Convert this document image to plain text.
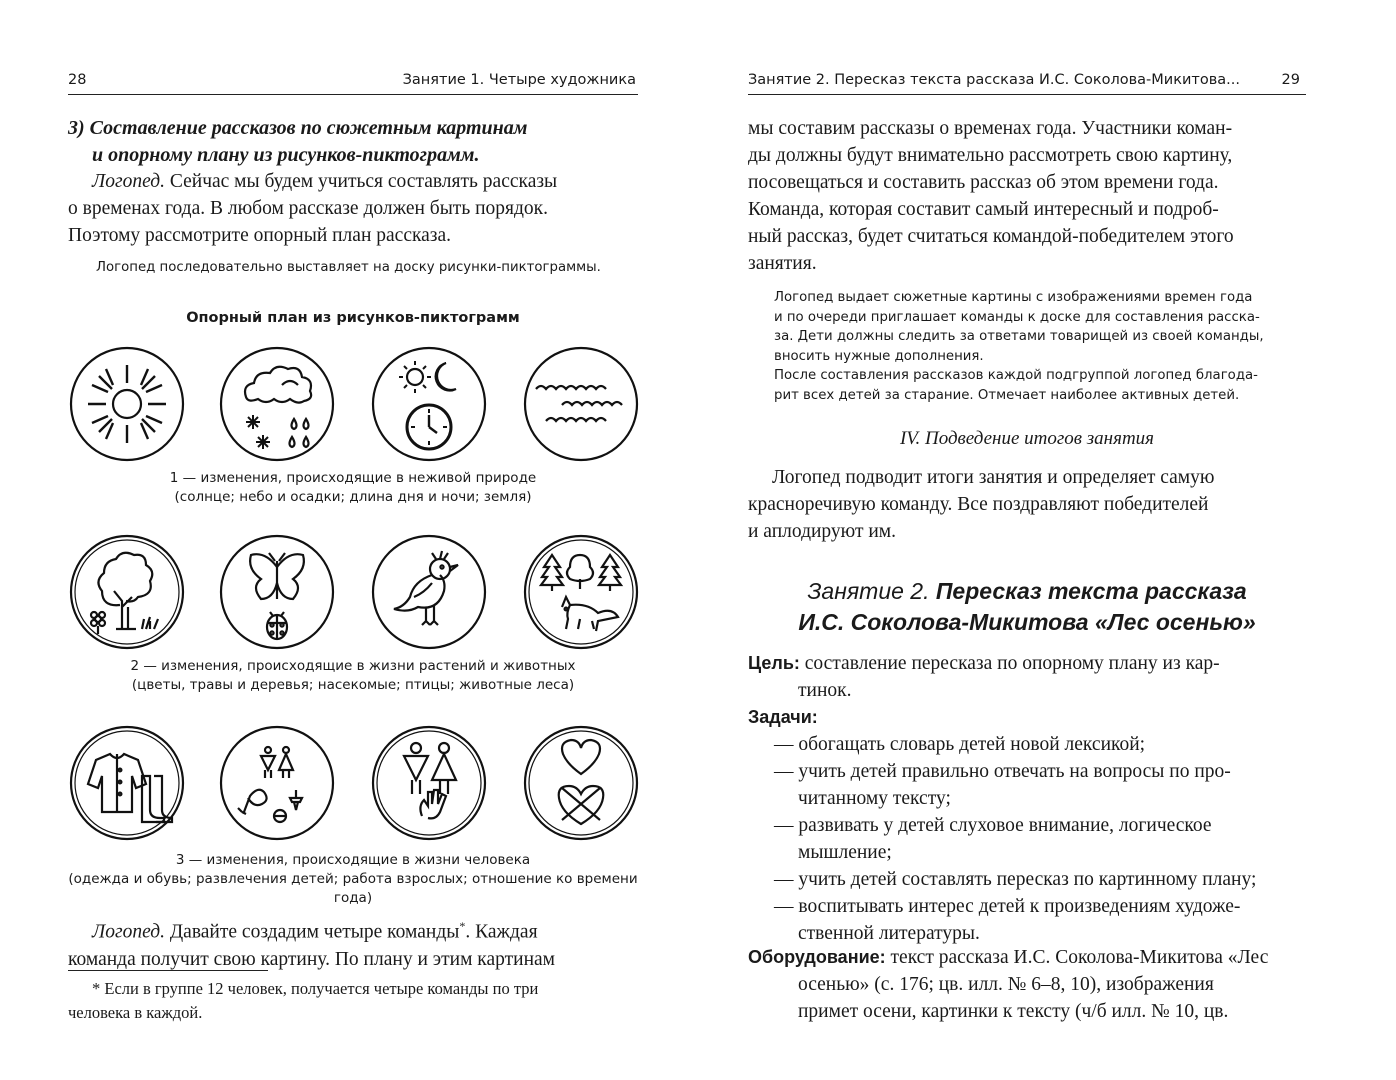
28	Занятие 1. Четыре художника
3) Составление рассказов по сюжетным картинам
и опорному плану из рисунков-пиктограмм.
Логопед. Сейчас мы будем учиться составлять рассказы
о временах года. В любом рассказе должен быть порядок.
Поэтому рассмотрите опорный план рассказа.
Логопед последовательно выставляет на доску рисунки-пиктограммы.
Опорный план из рисунков-пиктограмм
1 — изменения, происходящие в неживой природе
(солнце; небо и осадки; длина дня и ночи; земля)
2 — изменения, происходящие в жизни растений и животных
(цветы, травы и деревья; насекомые; птицы; животные леса)
3 — изменения, происходящие в жизни человека
(одежда и обувь; развлечения детей; работа взрослых; отношение ко времени года)
Логопед. Давайте создадим четыре команды*. Каждая
команда получит свою картину. По плану и этим картинам
* Если в группе 12 человек, получается четыре команды по три
человека в каждой.
Занятие 2. Пересказ текста рассказа И.С. Соколова-Микитова...	29
мы составим рассказы о временах года. Участники коман-
ды должны будут внимательно рассмотреть свою картину,
посовещаться и составить рассказ об этом времени года.
Команда, которая составит самый интересный и подроб-
ный рассказ, будет считаться командой-победителем этого
занятия.
Логопед выдает сюжетные картины с изображениями времен года
и по очереди приглашает команды к доске для составления расска-
за. Дети должны следить за ответами товарищей из своей команды,
вносить нужные дополнения.
После составления рассказов каждой подгруппой логопед благода-
рит всех детей за старание. Отмечает наиболее активных детей.
IV. Подведение итогов занятия
Логопед подводит итоги занятия и определяет самую
красноречивую команду. Все поздравляют победителей
и аплодируют им.
Занятие 2. Пересказ текста рассказа
И.С. Соколова-Микитова «Лес осенью»
Цель: составление пересказа по опорному плану из кар-
тинок.
Задачи:
— обогащать словарь детей новой лексикой;
— учить детей правильно отвечать на вопросы по про-
читанному тексту;
— развивать у детей слуховое внимание, логическое
мышление;
— учить детей составлять пересказ по картинному плану;
— воспитывать интерес детей к произведениям художе-
ственной литературы.
Оборудование: текст рассказа И.С. Соколова-Микитова «Лес
осенью» (с. 176; цв. илл. № 6–8, 10), изображения
примет осени, картинки к тексту (ч/б илл. № 10, цв.
